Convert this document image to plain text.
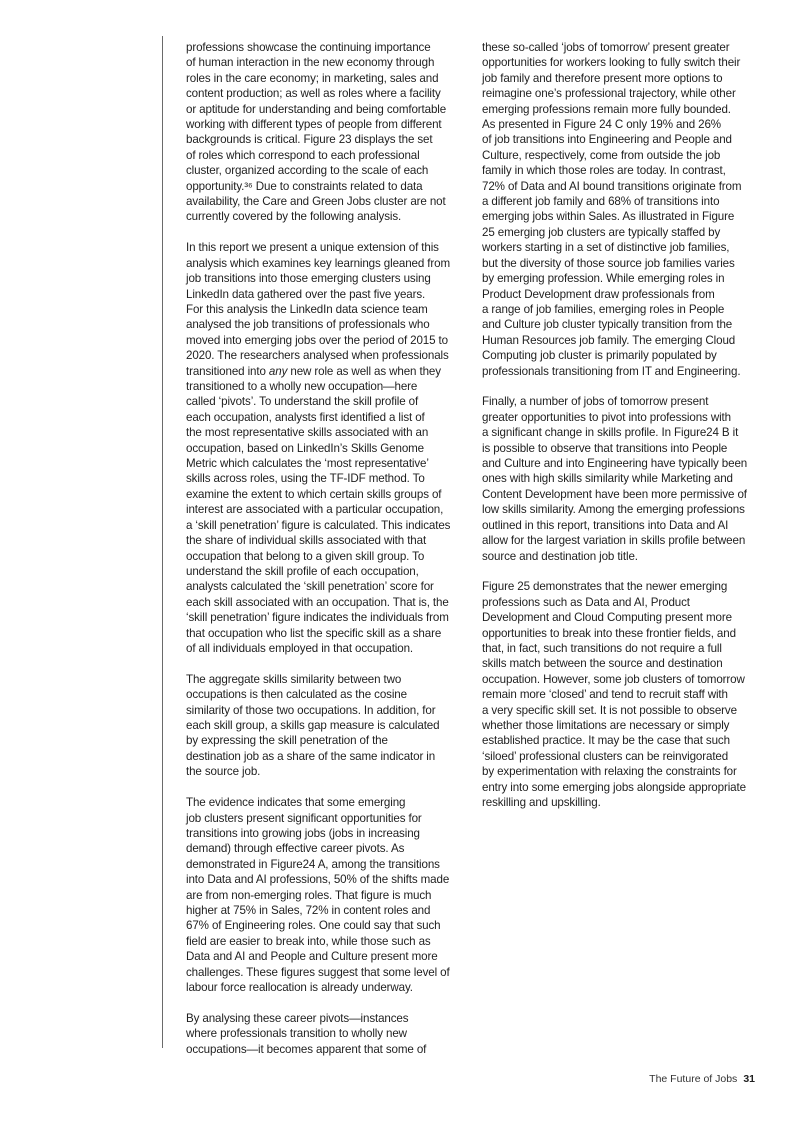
professions showcase the continuing importance
of human interaction in the new economy through
roles in the care economy; in marketing, sales and
content production; as well as roles where a facility
or aptitude for understanding and being comfortable
working with different types of people from different
backgrounds is critical. Figure 23 displays the set
of roles which correspond to each professional
cluster, organized according to the scale of each
opportunity.³⁶ Due to constraints related to data
availability, the Care and Green Jobs cluster are not
currently covered by the following analysis.

In this report we present a unique extension of this
analysis which examines key learnings gleaned from
job transitions into those emerging clusters using
LinkedIn data gathered over the past five years.
For this analysis the LinkedIn data science team
analysed the job transitions of professionals who
moved into emerging jobs over the period of 2015 to
2020. The researchers analysed when professionals
transitioned into any new role as well as when they
transitioned to a wholly new occupation—here
called ‘pivots’. To understand the skill profile of
each occupation, analysts first identified a list of
the most representative skills associated with an
occupation, based on LinkedIn’s Skills Genome
Metric which calculates the ‘most representative’
skills across roles, using the TF-IDF method. To
examine the extent to which certain skills groups of
interest are associated with a particular occupation,
a ‘skill penetration’ figure is calculated. This indicates
the share of individual skills associated with that
occupation that belong to a given skill group. To
understand the skill profile of each occupation,
analysts calculated the ‘skill penetration’ score for
each skill associated with an occupation. That is, the
‘skill penetration’ figure indicates the individuals from
that occupation who list the specific skill as a share
of all individuals employed in that occupation.

The aggregate skills similarity between two
occupations is then calculated as the cosine
similarity of those two occupations. In addition, for
each skill group, a skills gap measure is calculated
by expressing the skill penetration of the
destination job as a share of the same indicator in
the source job.

The evidence indicates that some emerging
job clusters present significant opportunities for
transitions into growing jobs (jobs in increasing
demand) through effective career pivots. As
demonstrated in Figure24 A, among the transitions
into Data and AI professions, 50% of the shifts made
are from non-emerging roles. That figure is much
higher at 75% in Sales, 72% in content roles and
67% of Engineering roles. One could say that such
field are easier to break into, while those such as
Data and AI and People and Culture present more
challenges. These figures suggest that some level of
labour force reallocation is already underway.

By analysing these career pivots—instances
where professionals transition to wholly new
occupations—it becomes apparent that some of

these so-called ‘jobs of tomorrow’ present greater
opportunities for workers looking to fully switch their
job family and therefore present more options to
reimagine one’s professional trajectory, while other
emerging professions remain more fully bounded.
As presented in Figure 24 C only 19% and 26%
of job transitions into Engineering and People and
Culture, respectively, come from outside the job
family in which those roles are today. In contrast,
72% of Data and AI bound transitions originate from
a different job family and 68% of transitions into
emerging jobs within Sales. As illustrated in Figure
25 emerging job clusters are typically staffed by
workers starting in a set of distinctive job families,
but the diversity of those source job families varies
by emerging profession. While emerging roles in
Product Development draw professionals from
a range of job families, emerging roles in People
and Culture job cluster typically transition from the
Human Resources job family. The emerging Cloud
Computing job cluster is primarily populated by
professionals transitioning from IT and Engineering.

Finally, a number of jobs of tomorrow present
greater opportunities to pivot into professions with
a significant change in skills profile. In Figure24 B it
is possible to observe that transitions into People
and Culture and into Engineering have typically been
ones with high skills similarity while Marketing and
Content Development have been more permissive of
low skills similarity. Among the emerging professions
outlined in this report, transitions into Data and AI
allow for the largest variation in skills profile between
source and destination job title.

Figure 25 demonstrates that the newer emerging
professions such as Data and AI, Product
Development and Cloud Computing present more
opportunities to break into these frontier fields, and
that, in fact, such transitions do not require a full
skills match between the source and destination
occupation. However, some job clusters of tomorrow
remain more ‘closed’ and tend to recruit staff with
a very specific skill set. It is not possible to observe
whether those limitations are necessary or simply
established practice. It may be the case that such
‘siloed’ professional clusters can be reinvigorated
by experimentation with relaxing the constraints for
entry into some emerging jobs alongside appropriate
reskilling and upskilling.

The Future of Jobs 31
